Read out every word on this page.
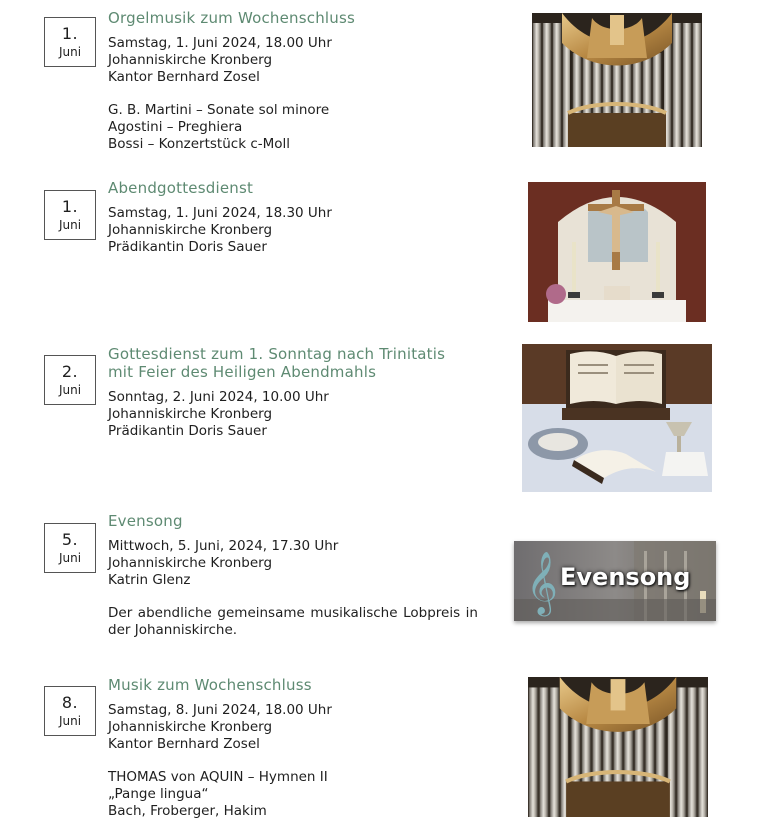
1.
Juni
Orgelmusik zum Wochenschluss
Samstag, 1. Juni 2024, 18.00 Uhr
Johanniskirche Kronberg
Kantor Bernhard Zosel
G. B. Martini – Sonate sol minore
Agostini – Preghiera
Bossi – Konzertstück c-Moll
1.
Juni
Abendgottesdienst
Samstag, 1. Juni 2024, 18.30 Uhr
Johanniskirche Kronberg
Prädikantin Doris Sauer
2.
Juni
Gottesdienst zum 1. Sonntag nach Trinitatis
mit Feier des Heiligen Abendmahls
Sonntag, 2. Juni 2024, 10.00 Uhr
Johanniskirche Kronberg
Prädikantin Doris Sauer
5.
Juni
Evensong
Mittwoch, 5. Juni, 2024, 17.30 Uhr
Johanniskirche Kronberg
Katrin Glenz
Der abendliche gemeinsame musikalische Lobpreis in der Johanniskirche.
𝄞 Evensong
8.
Juni
Musik zum Wochenschluss
Samstag, 8. Juni 2024, 18.00 Uhr
Johanniskirche Kronberg
Kantor Bernhard Zosel
THOMAS von AQUIN – Hymnen II
„Pange lingua“
Bach, Froberger, Hakim
